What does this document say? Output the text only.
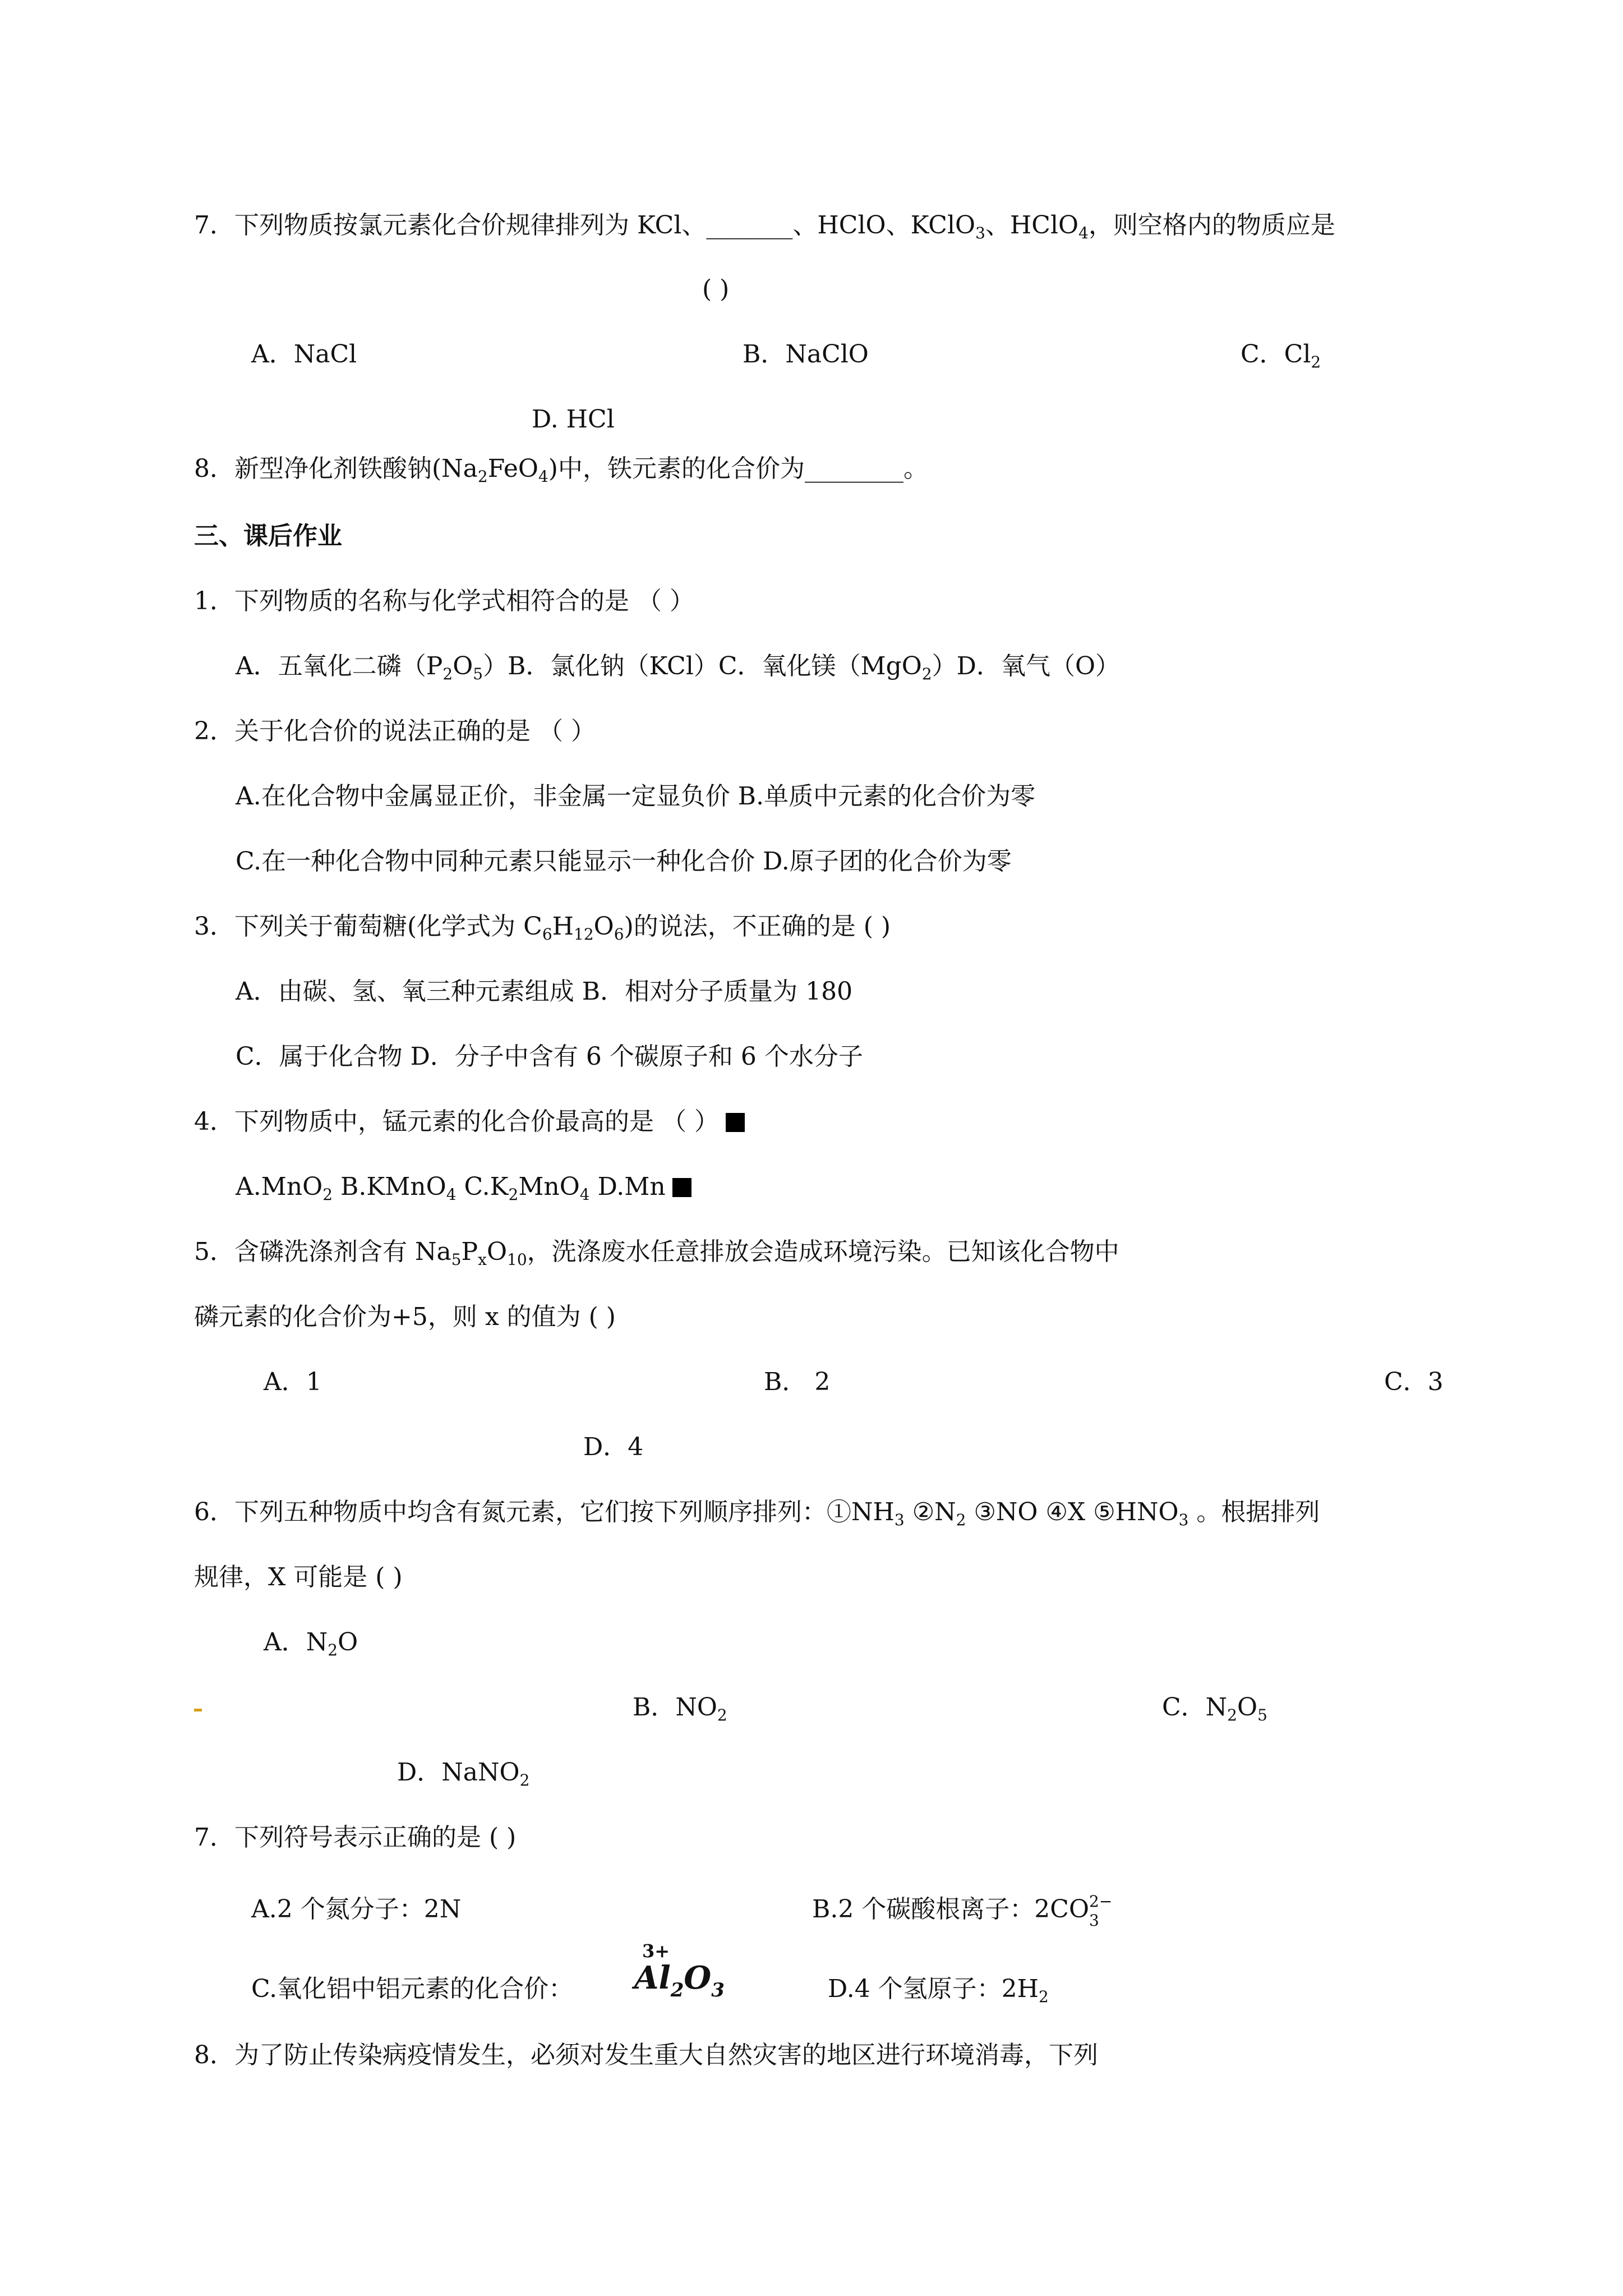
7．下列物质按氯元素化合价规律排列为 KCl、_______、HClO、KClO$_3$、HClO$_4$，则空格内的物质应是
( )
A．NaCl	B．NaClO	C．$Cl_2$
D. HCl
8．新型净化剂铁酸钠$(Na_2FeO_4)$中，铁元素的化合价为________。
三、课后作业
1．下列物质的名称与化学式相符合的是 （ ）
A．五氧化二磷$(P_2O_5)B$．氯化钠（KCl）C．氧化镁（MgO$_2$）D．氧气（O）
2．关于化合价的说法正确的是 （ ）
A.在化合物中金属显正价，非金属一定显负价 B.单质中元素的化合价为零
C.在一种化合物中同种元素只能显示一种化合价 D.原子团的化合价为零
3．下列关于葡萄糖(化学式为 $C_6H_{12}O_6$)的说法，不正确的是 ( )
A．由碳、氢、氧三种元素组成 B．相对分子质量为 180
C．属于化合物 D．分子中含有 6 个碳原子和 6 个水分子
4．下列物质中，锰元素的化合价最高的是 （ ）
A.MnO$_2$ B.KMnO$_4$ $C.K_2MnO_4$ D.Mn
5．含磷洗涤剂含有 $Na_5P_xO_{10}$，洗涤废水任意排放会造成环境污染。已知该化合物中
磷元素的化合价为+5，则 x 的值为 ( )
A．1	B． 2	C．3
D．4
6．下列五种物质中均含有氮元素，它们按下列顺序排列：$①NH_3$ $②N_2$ ③NO ④X $⑤HNO_3$ 。根据排列
规律，X 可能是 ( )
A．$N_2O$
B．$NO_2$	C．$N_2O_5$
D．NaNO$_2$
7．下列符号表示正确的是 ( )
A.2 个氮分子：2N	B.2 个碳酸根离子：2CO 3
2−
C.氧化铝中铝元素的化合价：
3+
$Al_2O_3$	D.4 个氢原子：$2H_2$
8．为了防止传染病疫情发生，必须对发生重大自然灾害的地区进行环境消毒，下列
